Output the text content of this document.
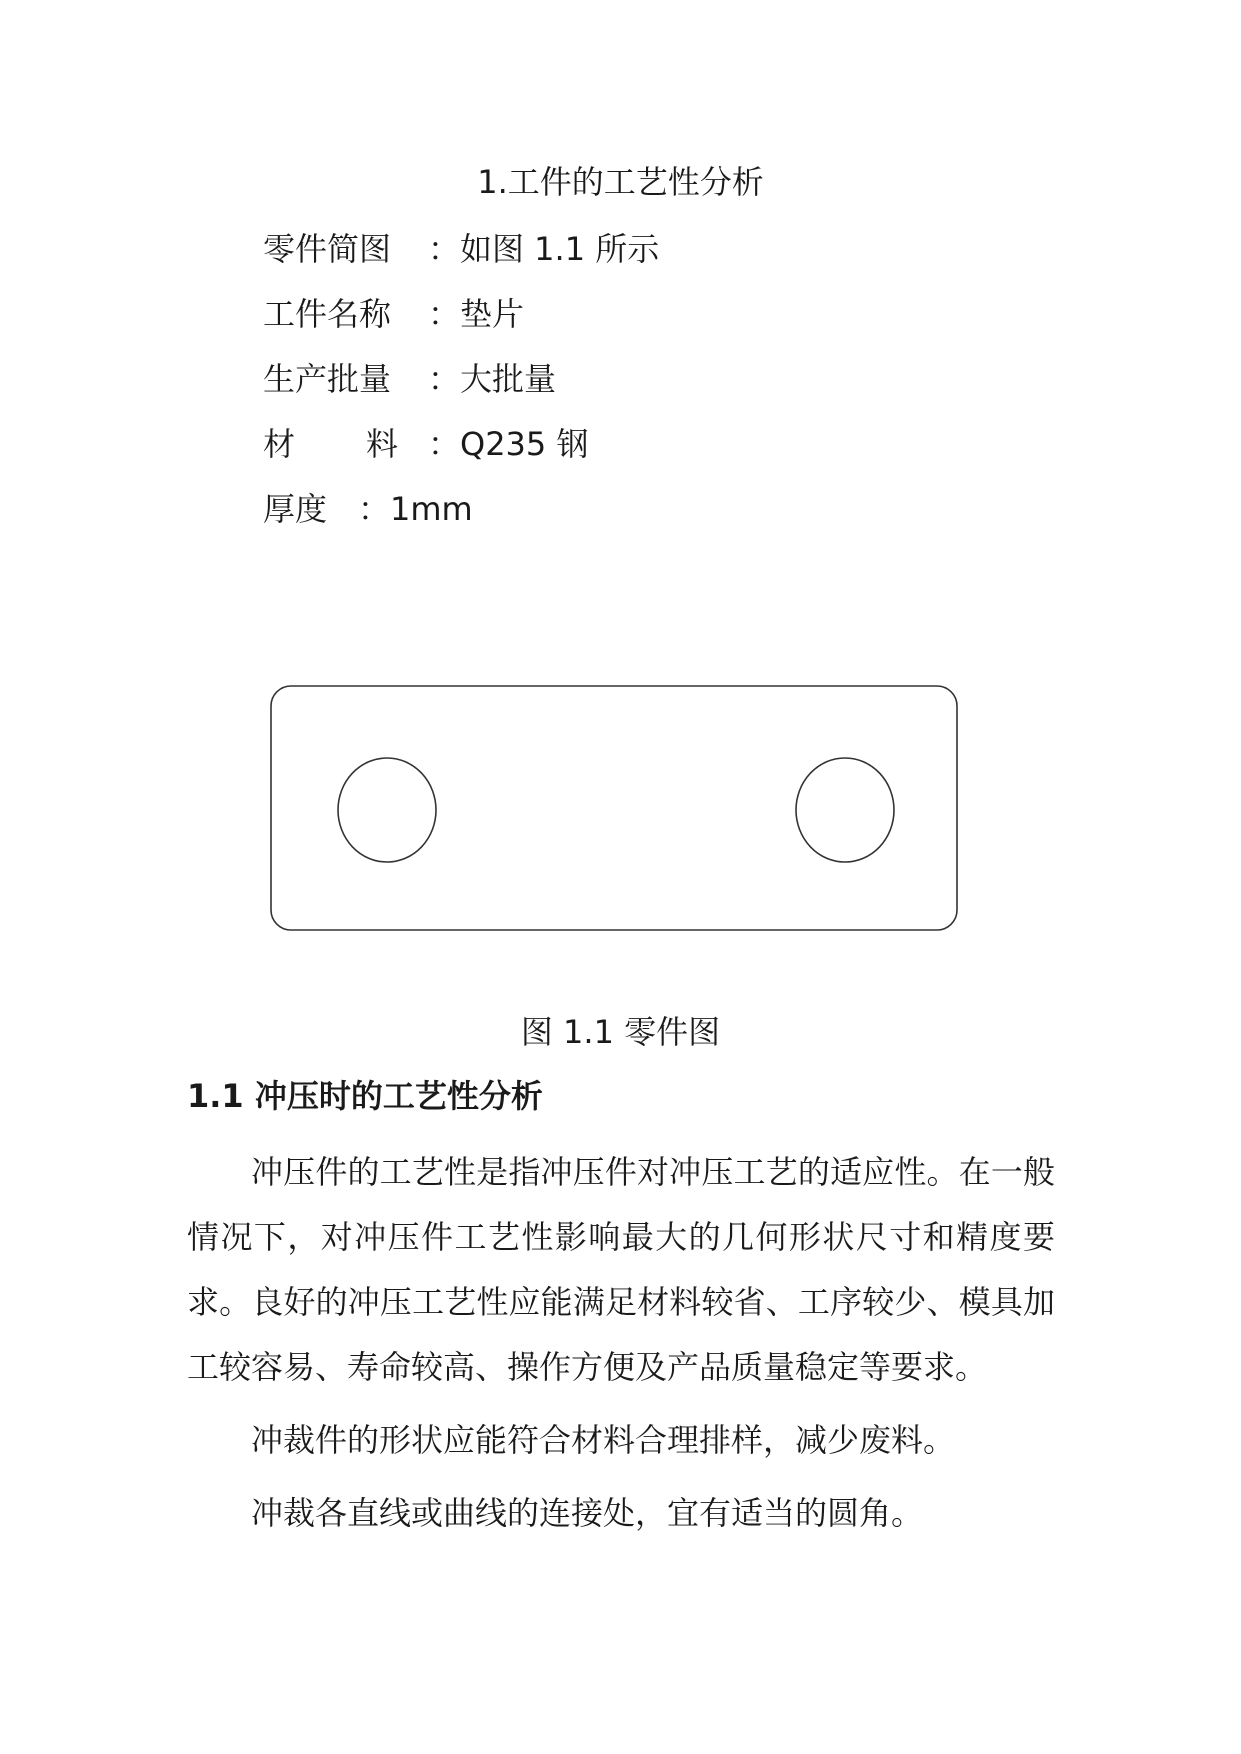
1.工件的工艺性分析
零件简图 ：如图 1.1 所示
工件名称 ：垫片
生产批量 ：大批量
材 料 ：Q235 钢
厚度 ：1mm
图 1.1 零件图
1.1 冲压时的工艺性分析

冲压件的工艺性是指冲压件对冲压工艺的适应性。在一般情况下，对冲压件工艺性影响最大的几何形状尺寸和精度要求。良好的冲压工艺性应能满足材料较省、工序较少、模具加工较容易、寿命较高、操作方便及产品质量稳定等要求。

冲裁件的形状应能符合材料合理排样，减少废料。

冲裁各直线或曲线的连接处，宜有适当的圆角。
